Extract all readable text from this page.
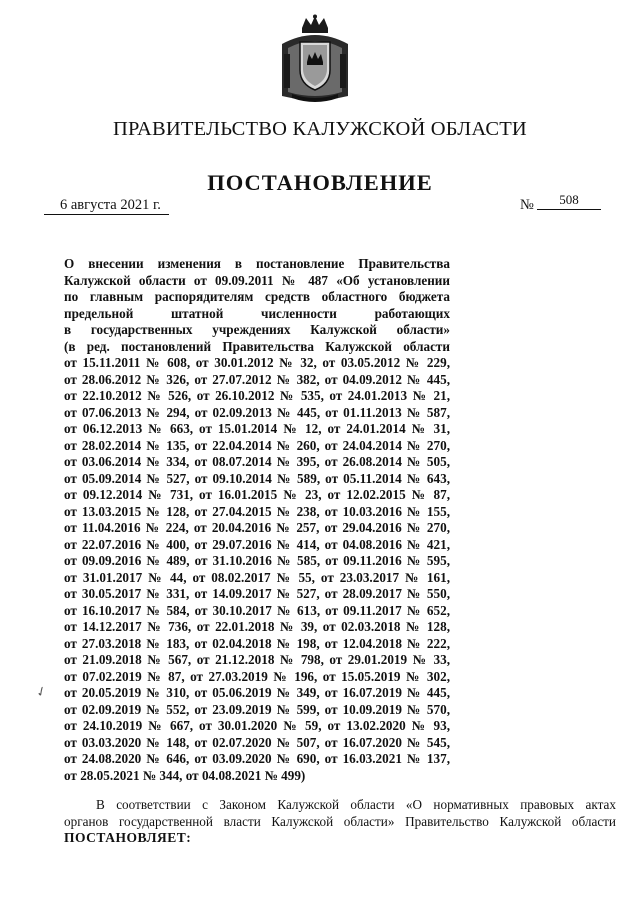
ПРАВИТЕЛЬСТВО КАЛУЖСКОЙ ОБЛАСТИ
ПОСТАНОВЛЕНИЕ
6 августа 2021 г.	№	508
О внесении изменения в постановление Правительства
Калужской области от 09.09.2011 № 487 «Об установлении
по главным распорядителям средств областного бюджета
предельной штатной численности работающих
в государственных учреждениях Калужской области»
(в ред. постановлений Правительства Калужской области
от 15.11.2011 № 608, от 30.01.2012 № 32, от 03.05.2012 № 229,
от 28.06.2012 № 326, от 27.07.2012 № 382, от 04.09.2012 № 445,
от 22.10.2012 № 526, от 26.10.2012 № 535, от 24.01.2013 № 21,
от 07.06.2013 № 294, от 02.09.2013 № 445, от 01.11.2013 № 587,
от 06.12.2013 № 663, от 15.01.2014 № 12, от 24.01.2014 № 31,
от 28.02.2014 № 135, от 22.04.2014 № 260, от 24.04.2014 № 270,
от 03.06.2014 № 334, от 08.07.2014 № 395, от 26.08.2014 № 505,
от 05.09.2014 № 527, от 09.10.2014 № 589, от 05.11.2014 № 643,
от 09.12.2014 № 731, от 16.01.2015 № 23, от 12.02.2015 № 87,
от 13.03.2015 № 128, от 27.04.2015 № 238, от 10.03.2016 № 155,
от 11.04.2016 № 224, от 20.04.2016 № 257, от 29.04.2016 № 270,
от 22.07.2016 № 400, от 29.07.2016 № 414, от 04.08.2016 № 421,
от 09.09.2016 № 489, от 31.10.2016 № 585, от 09.11.2016 № 595,
от 31.01.2017 № 44, от 08.02.2017 № 55, от 23.03.2017 № 161,
от 30.05.2017 № 331, от 14.09.2017 № 527, от 28.09.2017 № 550,
от 16.10.2017 № 584, от 30.10.2017 № 613, от 09.11.2017 № 652,
от 14.12.2017 № 736, от 22.01.2018 № 39, от 02.03.2018 № 128,
от 27.03.2018 № 183, от 02.04.2018 № 198, от 12.04.2018 № 222,
от 21.09.2018 № 567, от 21.12.2018 № 798, от 29.01.2019 № 33,
от 07.02.2019 № 87, от 27.03.2019 № 196, от 15.05.2019 № 302,
от 20.05.2019 № 310, от 05.06.2019 № 349, от 16.07.2019 № 445,
от 02.09.2019 № 552, от 23.09.2019 № 599, от 10.09.2019 № 570,
от 24.10.2019 № 667, от 30.01.2020 № 59, от 13.02.2020 № 93,
от 03.03.2020 № 148, от 02.07.2020 № 507, от 16.07.2020 № 545,
от 24.08.2020 № 646, от 03.09.2020 № 690, от 16.03.2021 № 137,
от 28.05.2021 № 344, от 04.08.2021 № 499)
✓
В соответствии с Законом Калужской области «О нормативных правовых актах
органов государственной власти Калужской области» Правительство Калужской области
ПОСТАНОВЛЯЕТ:
